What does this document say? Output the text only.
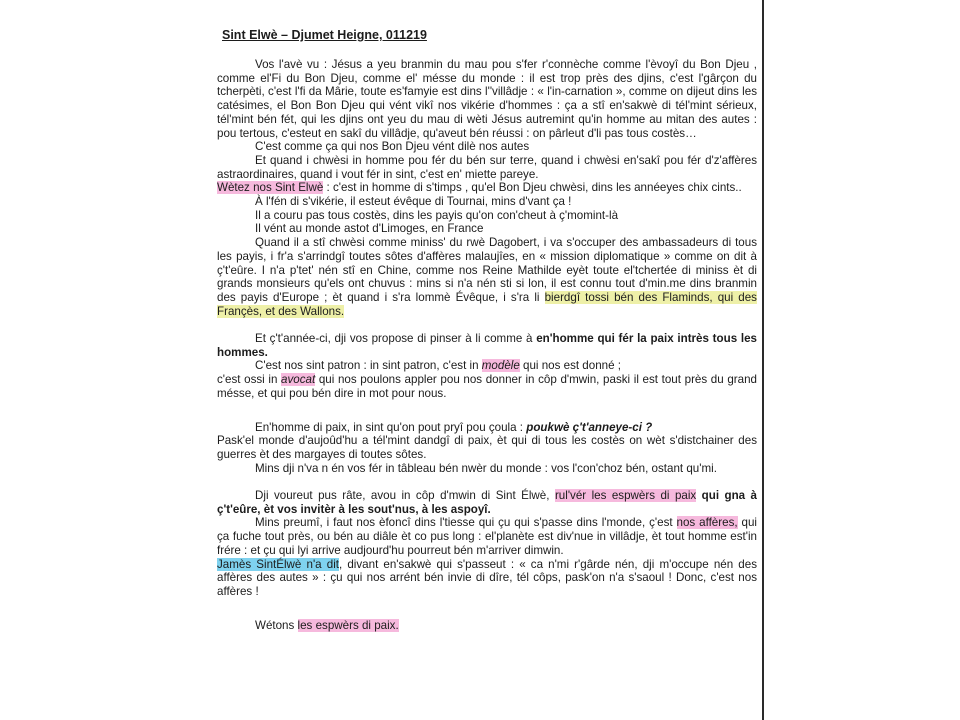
Sint Elwè – Djumet Heigne, 011219

Vos l'avè vu : Jésus a yeu branmin du mau pou s'fer r'connèche comme l'èvoyî du Bon Djeu , comme el'Fi du Bon Djeu, comme el' mésse du monde : il est trop près des djins, c'est l'gârçon du tcherpèti, c'est l'fi da Mârie, toute es'famyie est dins l''villâdje : « l'in-carnation », comme on dijeut dins les catésimes, el Bon Bon Djeu qui vént vikî nos vikérie d'hommes : ça a stî en'sakwè di tél'mint sérieux, tél'mint bén fét, qui les djins ont yeu du mau di wèti Jésus autremint qu'in homme au mitan des autes : pou tertous, c'esteut en sakî du villâdje, qu'aveut bén réussi : on pârleut d'li pas tous costès…

C'est comme ça qui nos Bon Djeu vént dilè nos autes

Et quand i chwèsi in homme pou fér du bén sur terre, quand i chwèsi en'sakî pou fér d'z'affères astraordinaires, quand i vout fér in sint, c'est en' miette pareye.

Wètez nos Sint Elwè : c'est in homme di s'timps , qu'el Bon Djeu chwèsi, dins les annéeyes chix cints..

À l'fén di s'vikérie, il esteut évêque di Tournai, mins d'vant ça !

Il a couru pas tous costès, dins les payis qu'on con'cheut à ç'momint-là

Il vént au monde astot d'Limoges, en France

Quand il a stî chwèsi comme miniss' du rwè Dagobert, i va s'occuper des ambassadeurs di tous les payis, i fr'a s'arrindgî toutes sôtes d'affères malaujîes, en « mission diplomatique » comme on dit à ç't'eûre. I n'a p'tet' nén stî en Chine, comme nos Reine Mathilde eyèt toute el'tchertée di miniss èt di grands monsieurs qu'els ont chuvus : mins si n'a nén sti si lon, il est connu tout d'min.me dins branmin des payis d'Europe ; èt quand i s'ra lommè Évêque, i s'ra li bierdgî tossi bén des Flaminds, qui des Françès, et des Wallons.

Et ç't'année-ci, dji vos propose di pinser à li comme à en'homme qui fér la paix intrès tous les hommes.

C'est nos sint patron : in sint patron, c'est in modèle qui nos est donné ;

c'est ossi in avocat qui nos poulons appler pou nos donner in côp d'mwin, paski il est tout près du grand mésse, et qui pou bén dire in mot pour nous.

En'homme di paix, in sint qu'on pout pryî pou çoula : poukwè ç't'anneye-ci ?

Pask'el monde d'aujoûd'hu a tél'mint dandgî di paix, èt qui di tous les costès on wèt s'distchainer des guerres èt des margayes di toutes sôtes.

Mins dji n'va n én vos fér in tâbleau bén nwèr du monde : vos l'con'choz bén, ostant qu'mi.

Dji voureut pus râte, avou in côp d'mwin di Sint Élwè, rul'vér les espwèrs di paix qui gna à ç't'eûre, èt vos invitèr à les sout'nus, à les aspoyî.

Mins preumî, i faut nos èfoncî dins l'tiesse qui çu qui s'passe dins l'monde, ç'est nos affères, qui ça fuche tout près, ou bén au diâle èt co pus long : el'planète est div'nue in villâdje, èt tout homme est'in frére : et çu qui lyi arrive audjourd'hu pourreut bén m'arriver dimwin.

Jamès SintÉlwè n'a dit, divant en'sakwè qui s'passeut : « ca n'mi r'gârde nén, dji m'occupe nén des affères des autes » : çu qui nos arrént bén invie di dîre, tél côps, pask'on n'a s'saoul ! Donc, c'est nos affères !

Wétons les espwèrs di paix.
